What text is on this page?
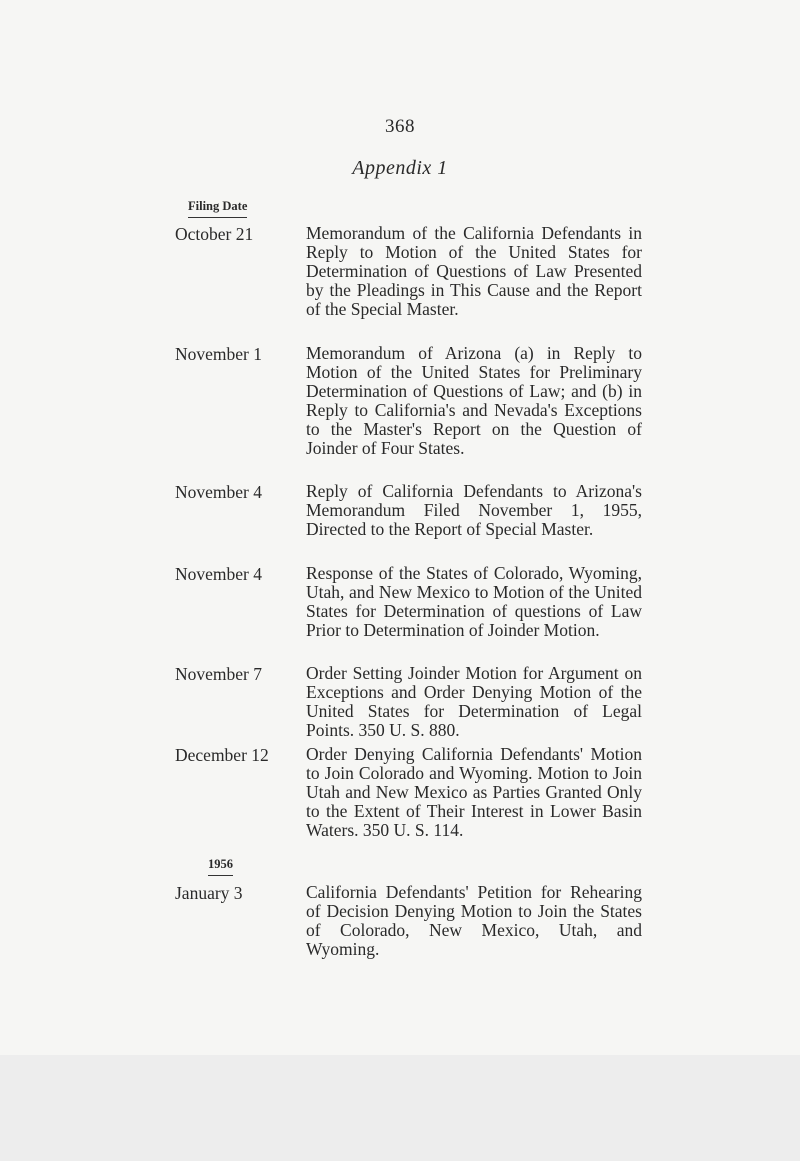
368
Appendix 1
Filing Date
October 21	Memorandum of the California Defendants in Reply to Motion of the United States for Determination of Questions of Law Presented by the Pleadings in This Cause and the Report of the Special Master.
November 1	Memorandum of Arizona (a) in Reply to Motion of the United States for Preliminary Determination of Questions of Law; and (b) in Reply to California's and Nevada's Exceptions to the Master's Report on the Question of Joinder of Four States.
November 4	Reply of California Defendants to Arizona's Memorandum Filed November 1, 1955, Directed to the Report of Special Master.
November 4	Response of the States of Colorado, Wyoming, Utah, and New Mexico to Motion of the United States for Determination of questions of Law Prior to Determination of Joinder Motion.
November 7	Order Setting Joinder Motion for Argument on Exceptions and Order Denying Motion of the United States for Determination of Legal Points. 350 U. S. 880.
December 12 Order Denying California Defendants' Motion to Join Colorado and Wyoming. Motion to Join Utah and New Mexico as Parties Granted Only to the Extent of Their Interest in Lower Basin Waters. 350 U. S. 114.
1956
January 3	California Defendants' Petition for Rehearing of Decision Denying Motion to Join the States of Colorado, New Mexico, Utah, and Wyoming.
